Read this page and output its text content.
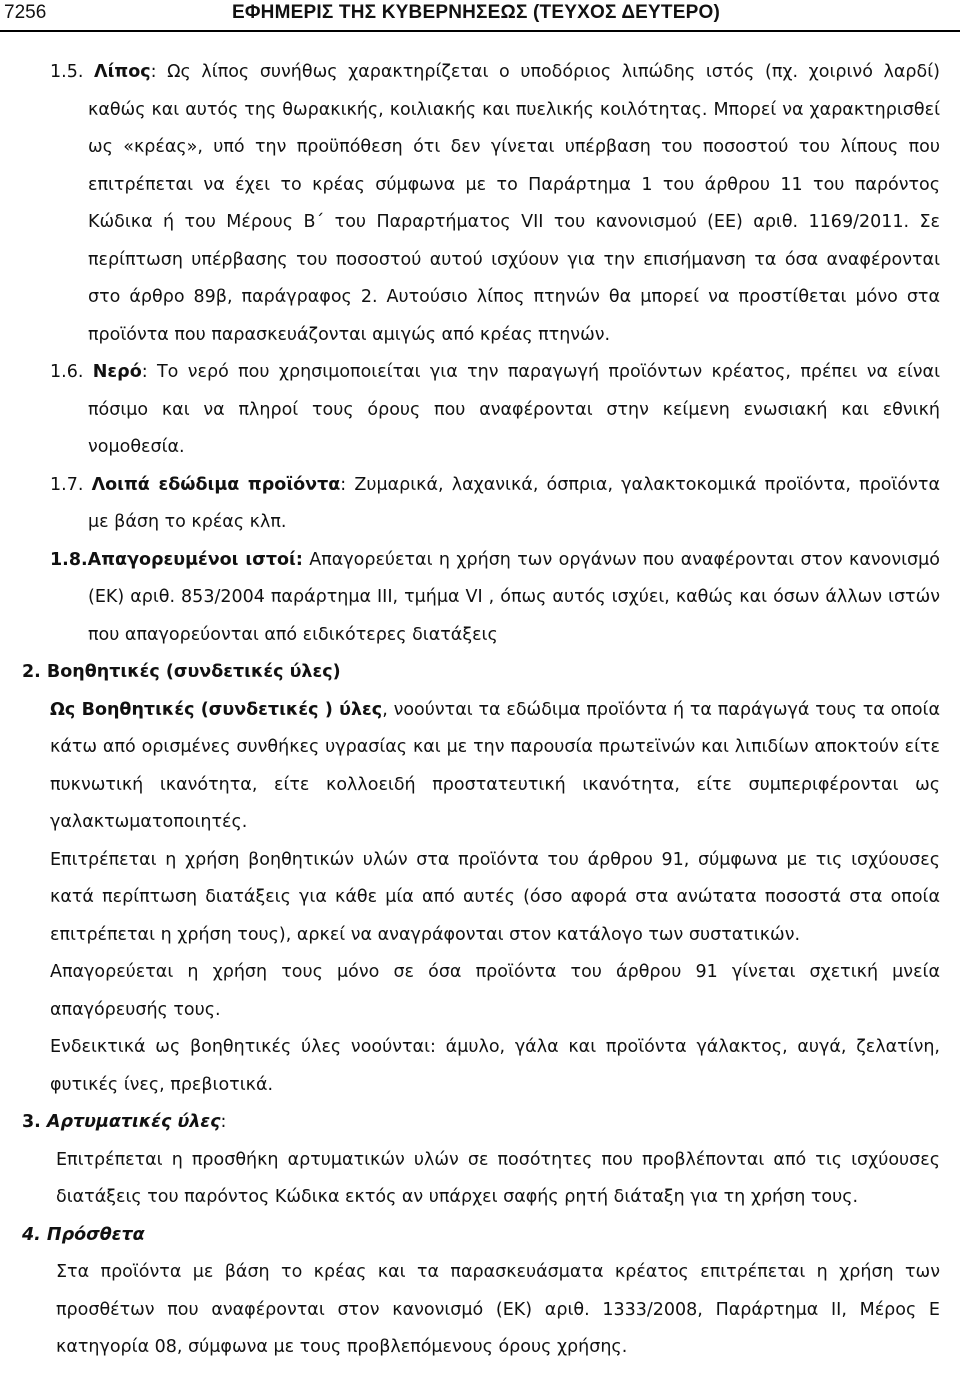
7256	ΕΦΗΜΕΡΙΣ ΤΗΣ ΚΥΒΕΡΝΗΣΕΩΣ (ΤΕΥΧΟΣ ΔΕΥΤΕΡΟ)

1.5. Λίπος: Ως λίπος συνήθως χαρακτηρίζεται ο υποδόριος λιπώδης ιστός (πχ. χοιρινό λαρδί) καθώς και αυτός της θωρακικής, κοιλιακής και πυελικής κοιλότητας. Μπορεί να χαρακτηρισθεί ως «κρέας», υπό την προϋπόθεση ότι δεν γίνεται υπέρβαση του ποσοστού του λίπους που επιτρέπεται να έχει το κρέας σύμφωνα με το Παράρτημα 1 του άρθρου 11 του παρόντος Κώδικα ή του Μέρους Β΄ του Παραρτήματος VII του κανονισμού (ΕΕ) αριθ. 1169/2011. Σε περίπτωση υπέρβασης του ποσοστού αυτού ισχύουν για την επισήμανση τα όσα αναφέρονται στο άρθρο 89β, παράγραφος 2. Αυτούσιο λίπος πτηνών θα μπορεί να προστίθεται μόνο στα προϊόντα που παρασκευάζονται αμιγώς από κρέας πτηνών.

1.6. Νερό: Το νερό που χρησιμοποιείται για την παραγωγή προϊόντων κρέατος, πρέπει να είναι πόσιμο και να πληροί τους όρους που αναφέρονται στην κείμενη ενωσιακή και εθνική νομοθεσία.

1.7. Λοιπά εδώδιμα προϊόντα: Ζυμαρικά, λαχανικά, όσπρια, γαλακτοκομικά προϊόντα, προϊόντα με βάση το κρέας κλπ.

1.8.Απαγορευμένοι ιστοί: Απαγορεύεται η χρήση των οργάνων που αναφέρονται στον κανονισμό (ΕΚ) αριθ. 853/2004 παράρτημα ΙΙΙ, τμήμα VI , όπως αυτός ισχύει, καθώς και όσων άλλων ιστών που απαγορεύονται από ειδικότερες διατάξεις

2. Βοηθητικές (συνδετικές ύλες)

Ως Βοηθητικές (συνδετικές ) ύλες, νοούνται τα εδώδιμα προϊόντα ή τα παράγωγά τους τα οποία κάτω από ορισμένες συνθήκες υγρασίας και με την παρουσία πρωτεϊνών και λιπιδίων αποκτούν είτε πυκνωτική ικανότητα, είτε κολλοειδή προστατευτική ικανότητα, είτε συμπεριφέρονται ως γαλακτωματοποιητές.

Επιτρέπεται η χρήση βοηθητικών υλών στα προϊόντα του άρθρου 91, σύμφωνα με τις ισχύουσες κατά περίπτωση διατάξεις για κάθε μία από αυτές (όσο αφορά στα ανώτατα ποσοστά στα οποία επιτρέπεται η χρήση τους), αρκεί να αναγράφονται στον κατάλογο των συστατικών.

Απαγορεύεται η χρήση τους μόνο σε όσα προϊόντα του άρθρου 91 γίνεται σχετική μνεία απαγόρευσής τους.

Ενδεικτικά ως βοηθητικές ύλες νοούνται: άμυλο, γάλα και προϊόντα γάλακτος, αυγά, ζελατίνη, φυτικές ίνες, πρεβιοτικά.

3. Αρτυματικές ύλες:

Επιτρέπεται η προσθήκη αρτυματικών υλών σε ποσότητες που προβλέπονται από τις ισχύουσες διατάξεις του παρόντος Κώδικα εκτός αν υπάρχει σαφής ρητή διάταξη για τη χρήση τους.

4. Πρόσθετα

Στα προϊόντα με βάση το κρέας και τα παρασκευάσματα κρέατος επιτρέπεται η χρήση των προσθέτων που αναφέρονται στον κανονισμό (ΕΚ) αριθ. 1333/2008, Παράρτημα ΙΙ, Μέρος Ε κατηγορία 08, σύμφωνα με τους προβλεπόμενους όρους χρήσης.
